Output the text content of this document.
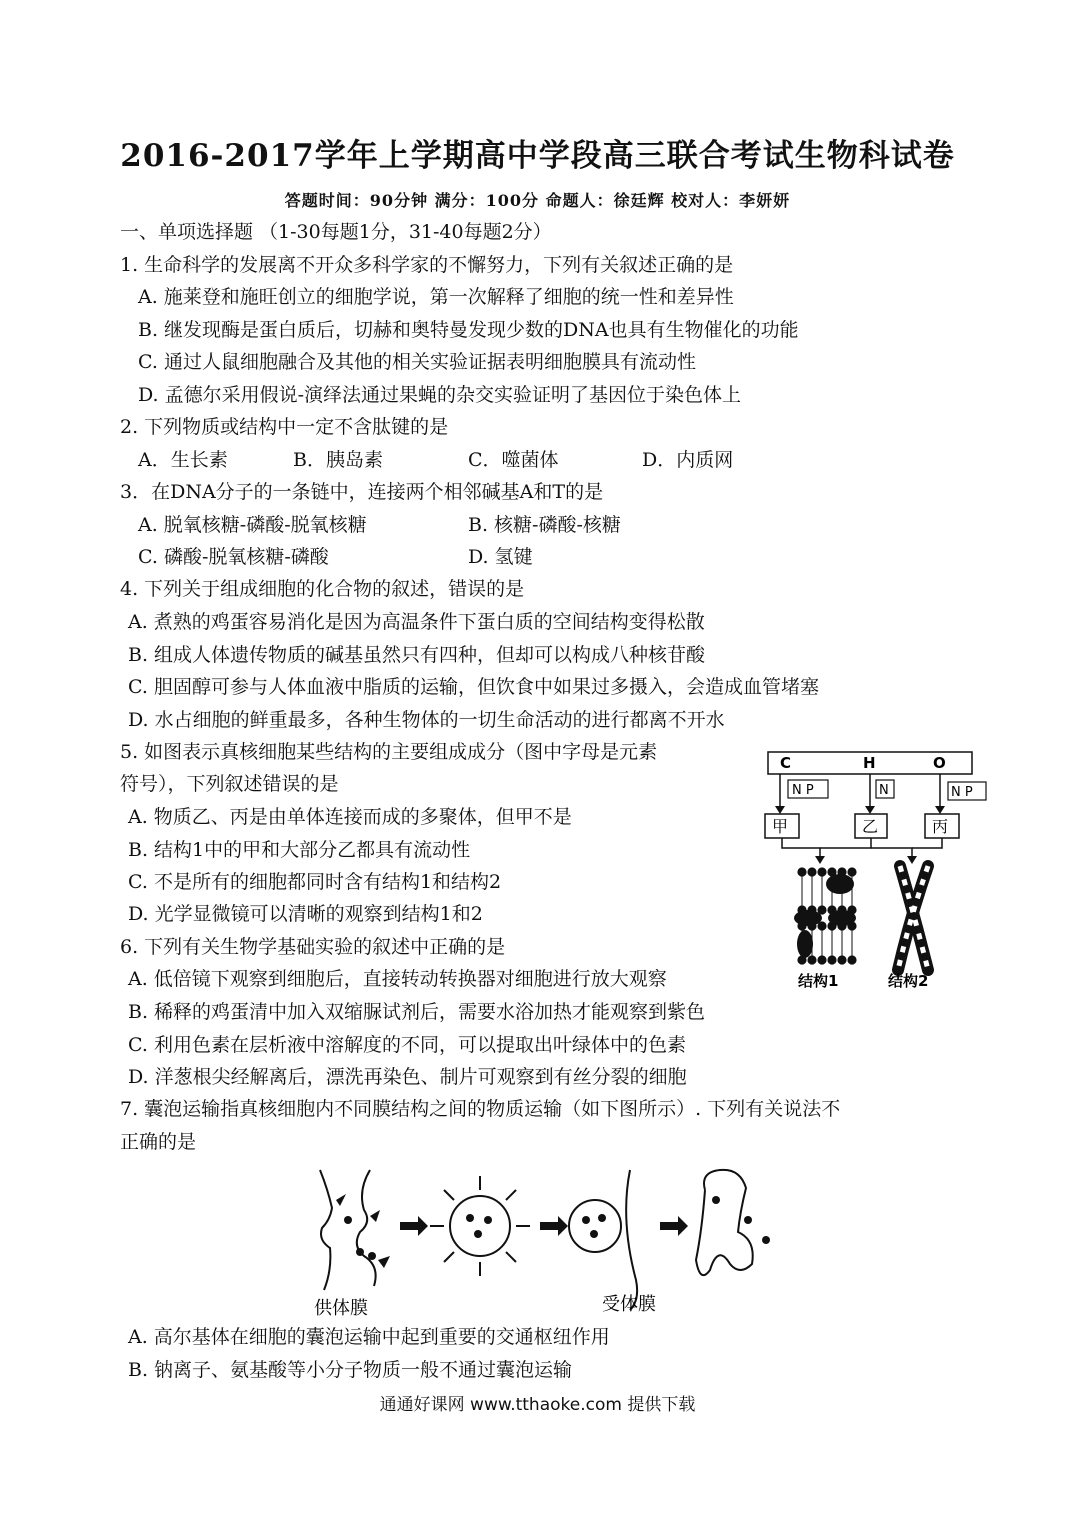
2016-2017学年上学期高中学段高三联合考试生物科试卷
答题时间：90分钟 满分：100分 命题人：徐廷辉 校对人：李妍妍
一、单项选择题 （1-30每题1分，31-40每题2分）
1. 生命科学的发展离不开众多科学家的不懈努力，下列有关叙述正确的是
A. 施莱登和施旺创立的细胞学说，第一次解释了细胞的统一性和差异性
B. 继发现酶是蛋白质后，切赫和奥特曼发现少数的DNA也具有生物催化的功能
C. 通过人鼠细胞融合及其他的相关实验证据表明细胞膜具有流动性
D. 孟德尔采用假说-演绎法通过果蝇的杂交实验证明了基因位于染色体上
2. 下列物质或结构中一定不含肽键的是
A．生长素	B．胰岛素	C．噬菌体	D．内质网
3．在DNA分子的一条链中，连接两个相邻碱基A和T的是
A. 脱氧核糖-磷酸-脱氧核糖	B. 核糖-磷酸-核糖
C. 磷酸-脱氧核糖-磷酸	D. 氢键
4. 下列关于组成细胞的化合物的叙述，错误的是
A. 煮熟的鸡蛋容易消化是因为高温条件下蛋白质的空间结构变得松散
B. 组成人体遗传物质的碱基虽然只有四种，但却可以构成八种核苷酸
C. 胆固醇可参与人体血液中脂质的运输，但饮食中如果过多摄入，会造成血管堵塞
D. 水占细胞的鲜重最多，各种生物体的一切生命活动的进行都离不开水
5. 如图表示真核细胞某些结构的主要组成成分（图中字母是元素
符号），下列叙述错误的是
A. 物质乙、丙是由单体连接而成的多聚体，但甲不是
B. 结构1中的甲和大部分乙都具有流动性
C. 不是所有的细胞都同时含有结构1和结构2
D. 光学显微镜可以清晰的观察到结构1和2
C	H	O
N P	N	N P
甲	乙	丙
结构1	结构2
6. 下列有关生物学基础实验的叙述中正确的是
A. 低倍镜下观察到细胞后，直接转动转换器对细胞进行放大观察
B. 稀释的鸡蛋清中加入双缩脲试剂后，需要水浴加热才能观察到紫色
C. 利用色素在层析液中溶解度的不同，可以提取出叶绿体中的色素
D. 洋葱根尖经解离后，漂洗再染色、制片可观察到有丝分裂的细胞
7. 囊泡运输指真核细胞内不同膜结构之间的物质运输（如下图所示）. 下列有关说法不
正确的是
供体膜	受体膜
A. 高尔基体在细胞的囊泡运输中起到重要的交通枢纽作用
B. 钠离子、氨基酸等小分子物质一般不通过囊泡运输
通通好课网 www.tthaoke.com 提供下载
